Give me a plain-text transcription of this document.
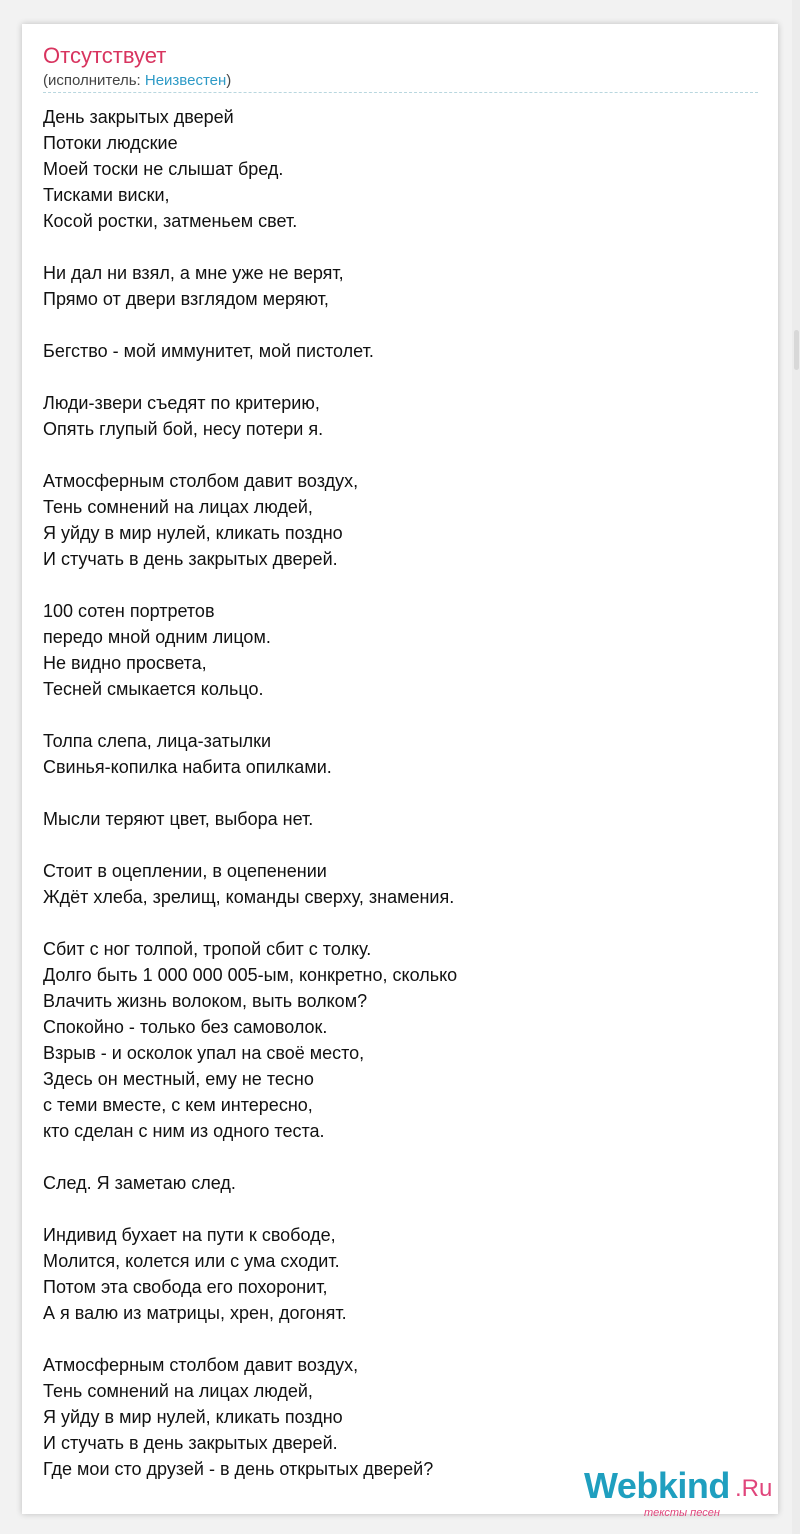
Отсутствует
(исполнитель: Неизвестен)
День закрытых дверей
Потоки людские
Моей тоски не слышат бред.
Тисками виски,
Косой ростки, затменьем свет.
Ни дал ни взял, а мне уже не верят,
Прямо от двери взглядом меряют,
Бегство - мой иммунитет, мой пистолет.
Люди-звери съедят по критерию,
Опять глупый бой, несу потери я.
Атмосферным столбом давит воздух,
Тень сомнений на лицах людей,
Я уйду в мир нулей, кликать поздно
И стучать в день закрытых дверей.
100 сотен портретов
передо мной одним лицом.
Не видно просвета,
Тесней смыкается кольцо.
Толпа слепа, лица-затылки
Свинья-копилка набита опилками.
Мысли теряют цвет, выбора нет.
Стоит в оцеплении, в оцепенении
Ждёт хлеба, зрелищ, команды сверху, знамения.
Сбит с ног толпой, тропой сбит с толку.
Долго быть 1 000 000 005-ым, конкретно, сколько
Влачить жизнь волоком, выть волком?
Спокойно - только без самоволок.
Взрыв - и осколок упал на своё место,
Здесь он местный, ему не тесно
с теми вместе, с кем интересно,
кто сделан с ним из одного теста.
След. Я заметаю след.
Индивид бухает на пути к свободе,
Молится, колется или с ума сходит.
Потом эта свобода его похоронит,
А я валю из матрицы, хрен, догонят.
Атмосферным столбом давит воздух,
Тень сомнений на лицах людей,
Я уйду в мир нулей, кликать поздно
И стучать в день закрытых дверей.
Где мои сто друзей - в день открытых дверей?	Webkind .Ru
тексты песен
